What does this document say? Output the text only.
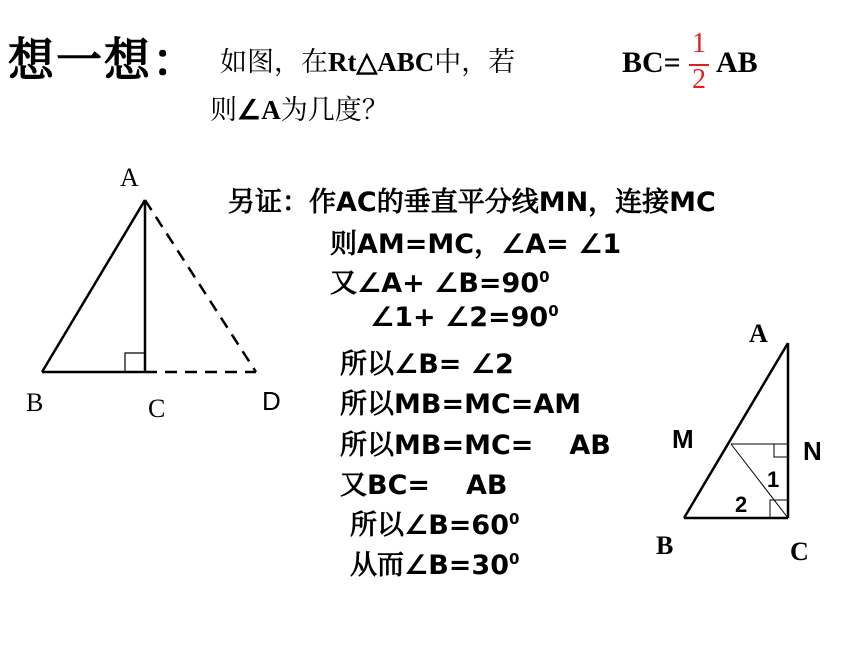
想一想： 如图，在Rt△ABC中，若	BC=
1
2
AB
则∠A为几度？
A
B	C	D
A
B	C
M	N
1
2
另证：作AC的垂直平分线MN，连接MC
则AM=MC，∠A= ∠1
又∠A+ $\angle B=90^0$
∠1+ $\angle 2=90^0$
所以∠B= ∠2
所以MB=MC=AM
所以MB=MC= AB
又BC= AB
所以$\angle B=60^0$
从而$\angle B=30^0$
